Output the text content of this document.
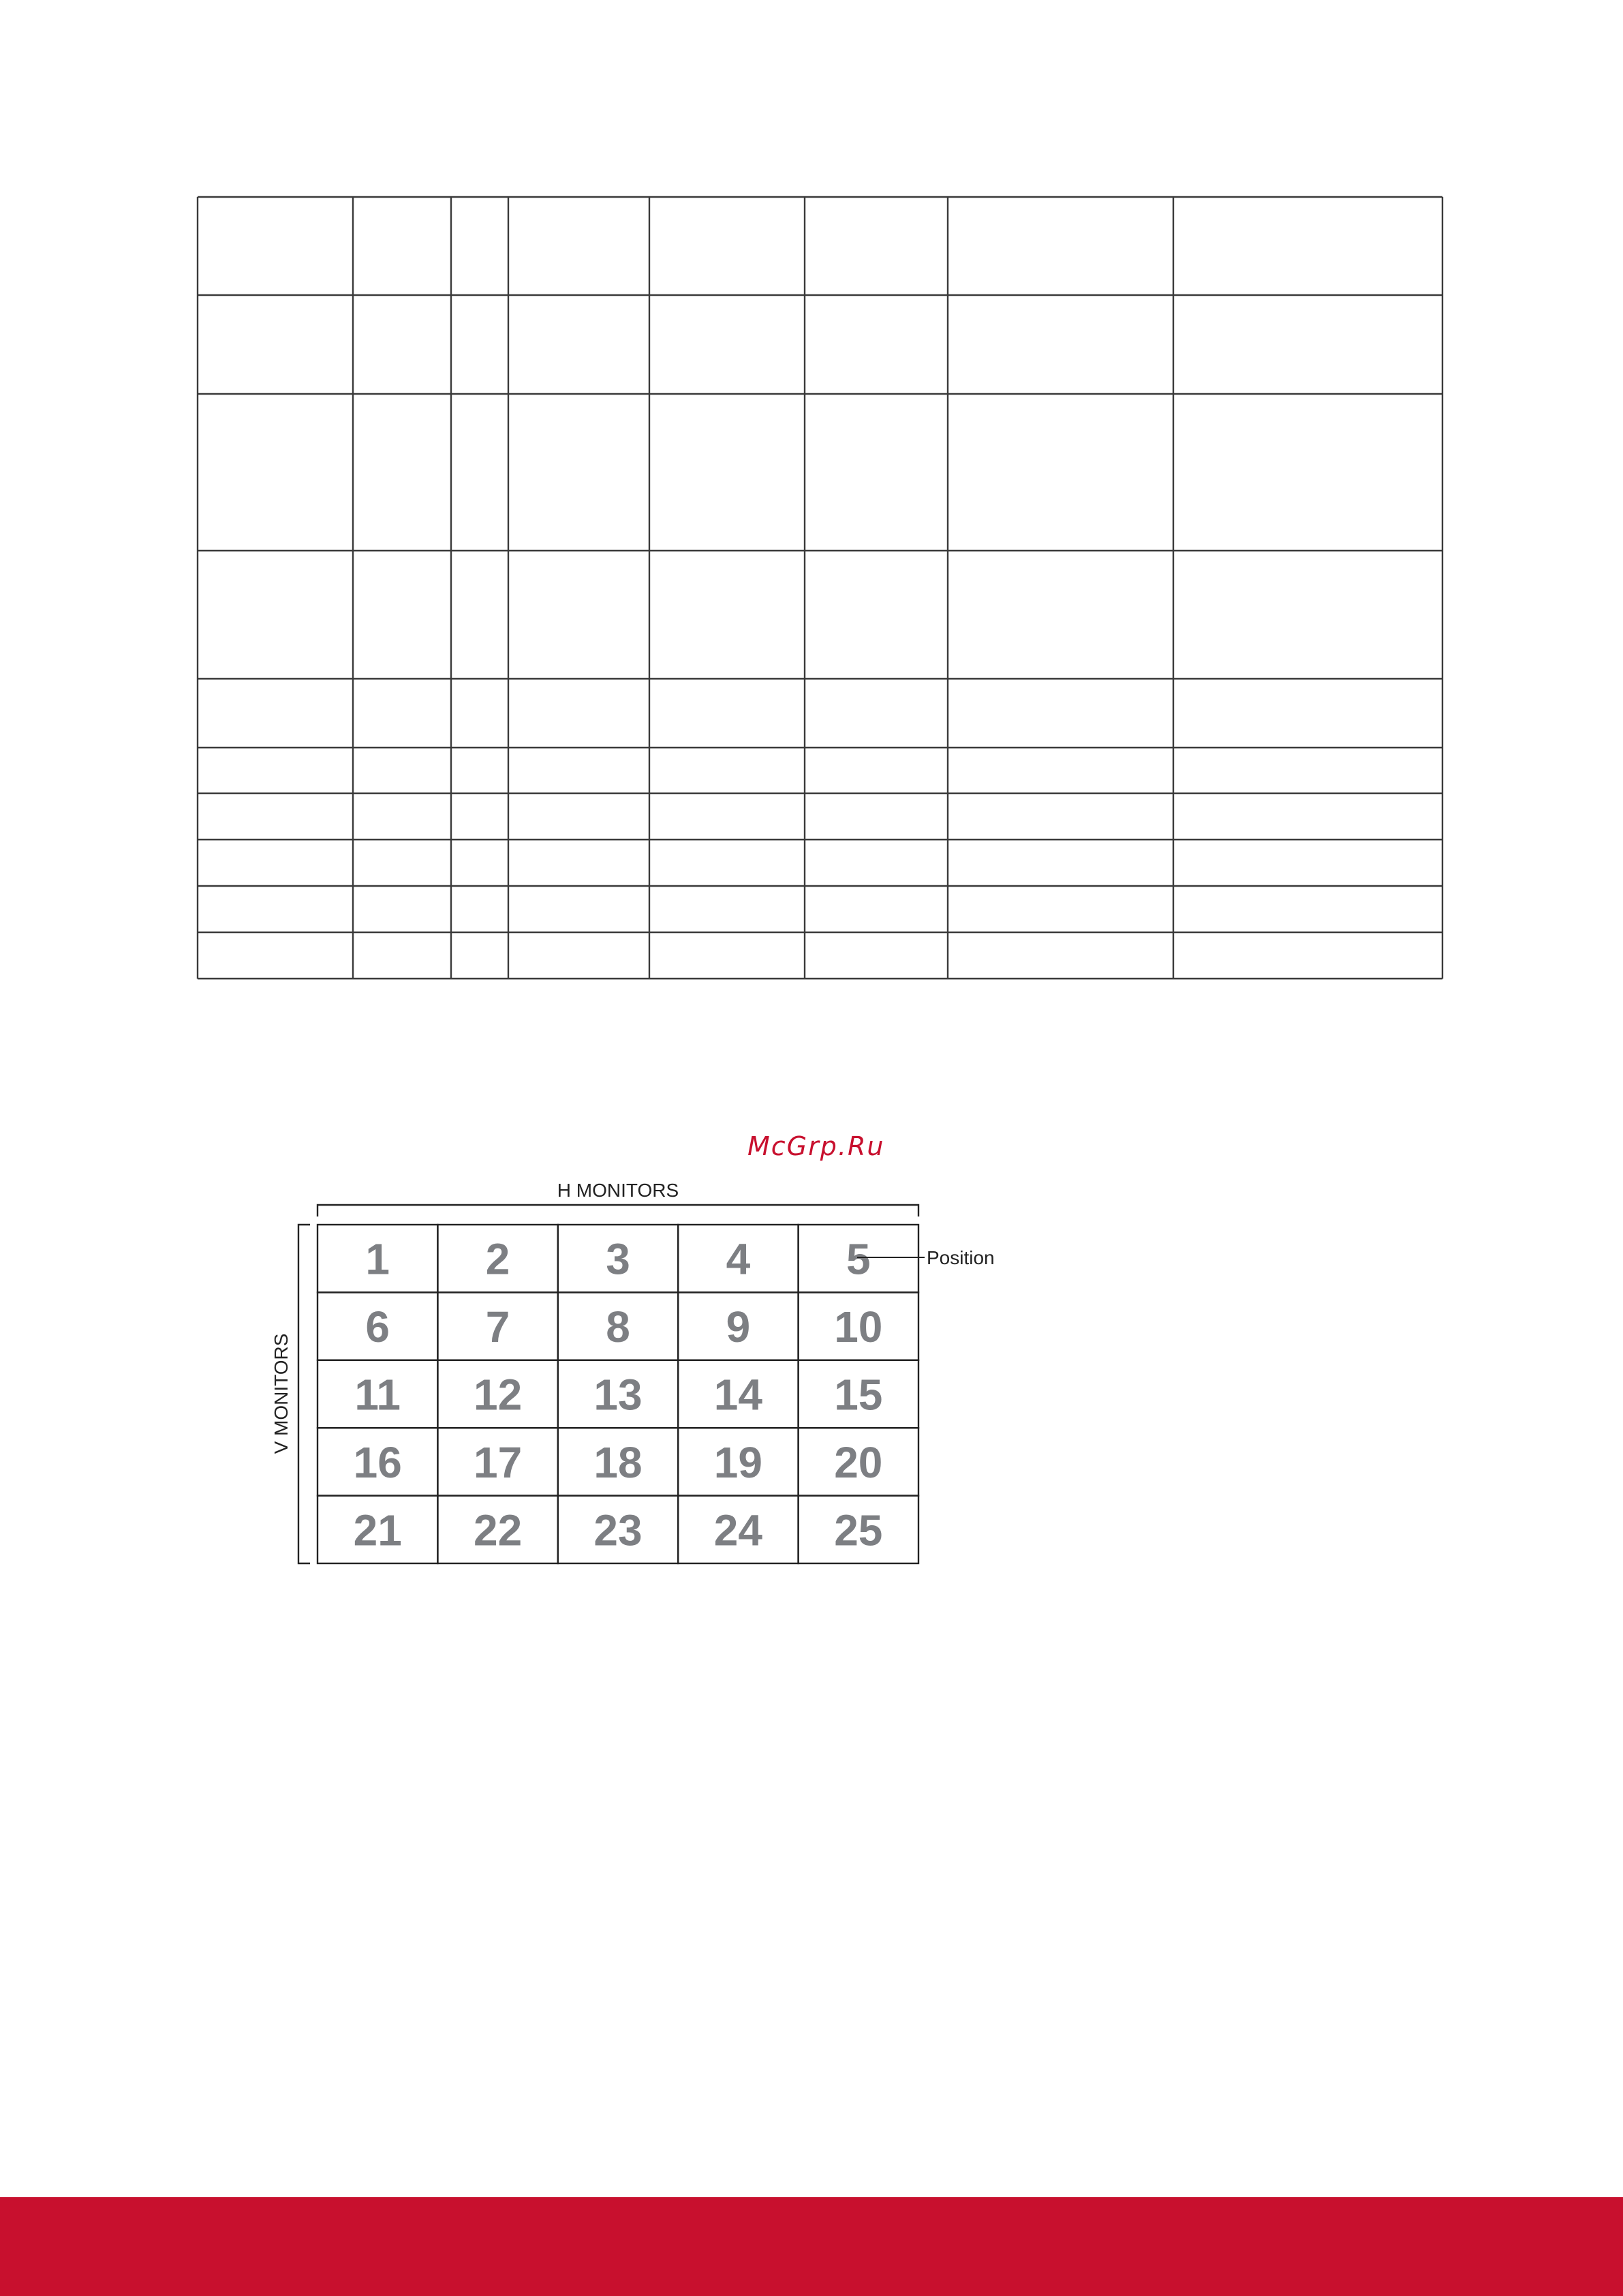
McGrp.Ru
H MONITORS
V MONITORS
1 2 3 4 5
6 7 8 9 10
11 12 13 14 15
16 17 18 19 20
21 22 23 24 25
Position
